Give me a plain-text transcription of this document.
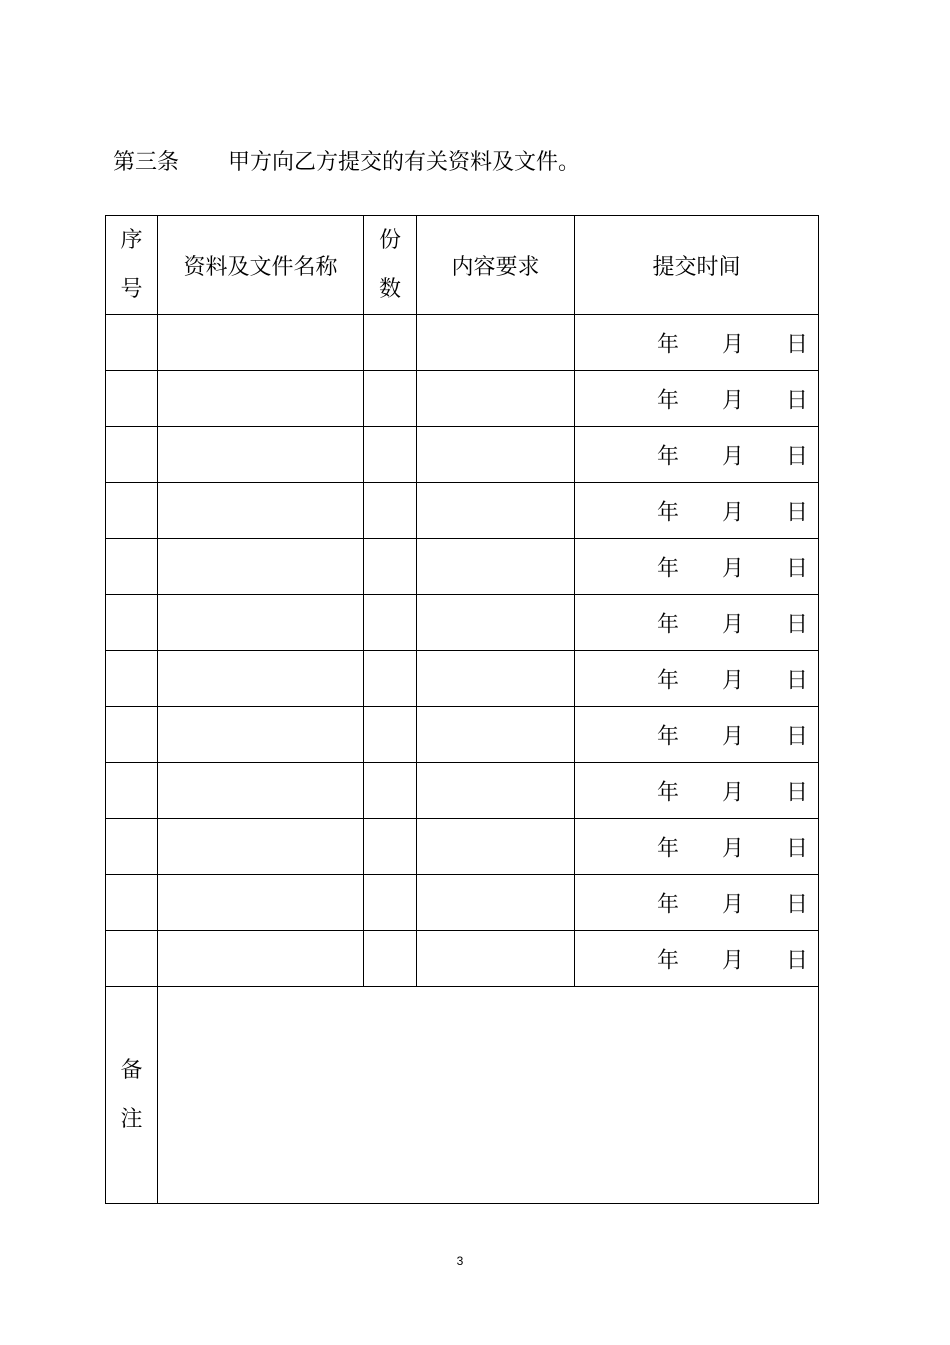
第三条 甲方向乙方提交的有关资料及文件。
序号	资料及文件名称	份数	内容要求	提交时间

				年 月 日

				年 月 日

				年 月 日

				年 月 日

				年 月 日

				年 月 日

				年 月 日

				年 月 日

				年 月 日

				年 月 日

				年 月 日

				年 月 日

备注				
3
